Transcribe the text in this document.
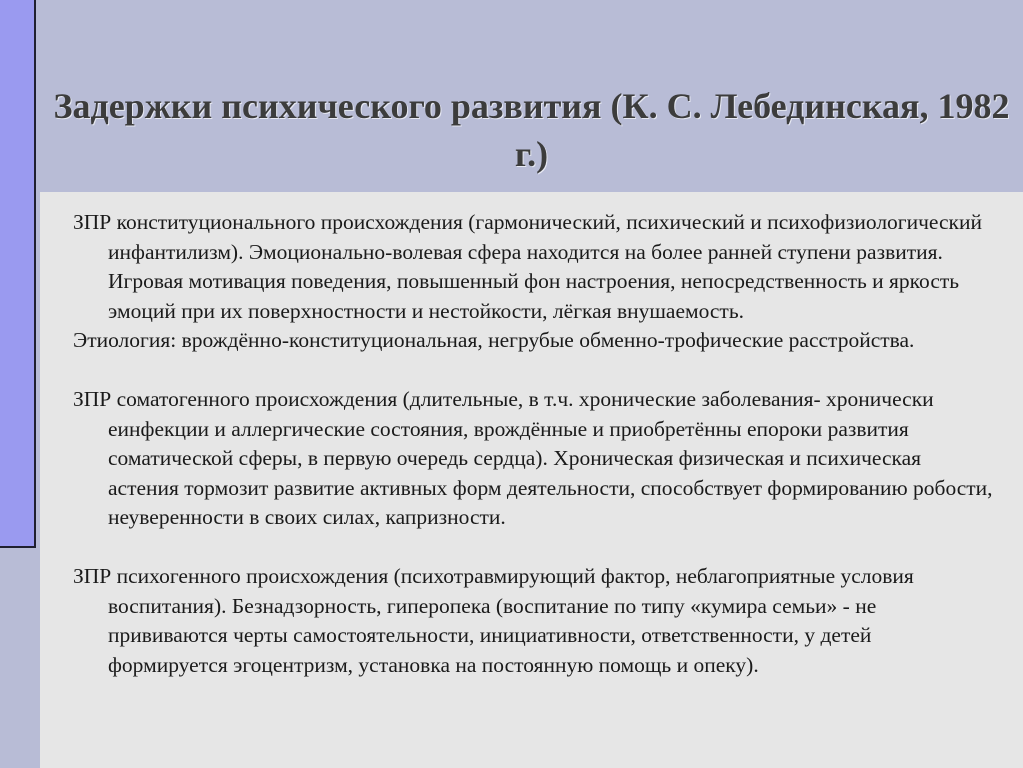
Задержки психического развития (К. С. Лебединская, 1982 г.)

ЗПР конституционального происхождения (гармонический, психический и психофизиологический инфантилизм). Эмоционально-волевая сфера находится на более ранней ступени развития. Игровая мотивация поведения, повышенный фон настроения, непосредственность и яркость эмоций при их поверхностности и нестойкости, лёгкая внушаемость.

Этиология: врождённо-конституциональная, негрубые обменно-трофические расстройства.

ЗПР соматогенного происхождения (длительные, в т.ч. хронические заболевания- хронически еинфекции и аллергические состояния, врождённые и приобретённы епороки развития соматической сферы, в первую очередь сердца). Хроническая физическая и психическая астения тормозит развитие активных форм деятельности, способствует формированию робости, неуверенности в своих силах, капризности.

ЗПР психогенного происхождения (психотравмирующий фактор, неблагоприятные условия воспитания). Безнадзорность, гиперопека (воспитание по типу «кумира семьи» - не прививаются черты самостоятельности, инициативности, ответственности, у детей формируется эгоцентризм, установка на постоянную помощь и опеку).
